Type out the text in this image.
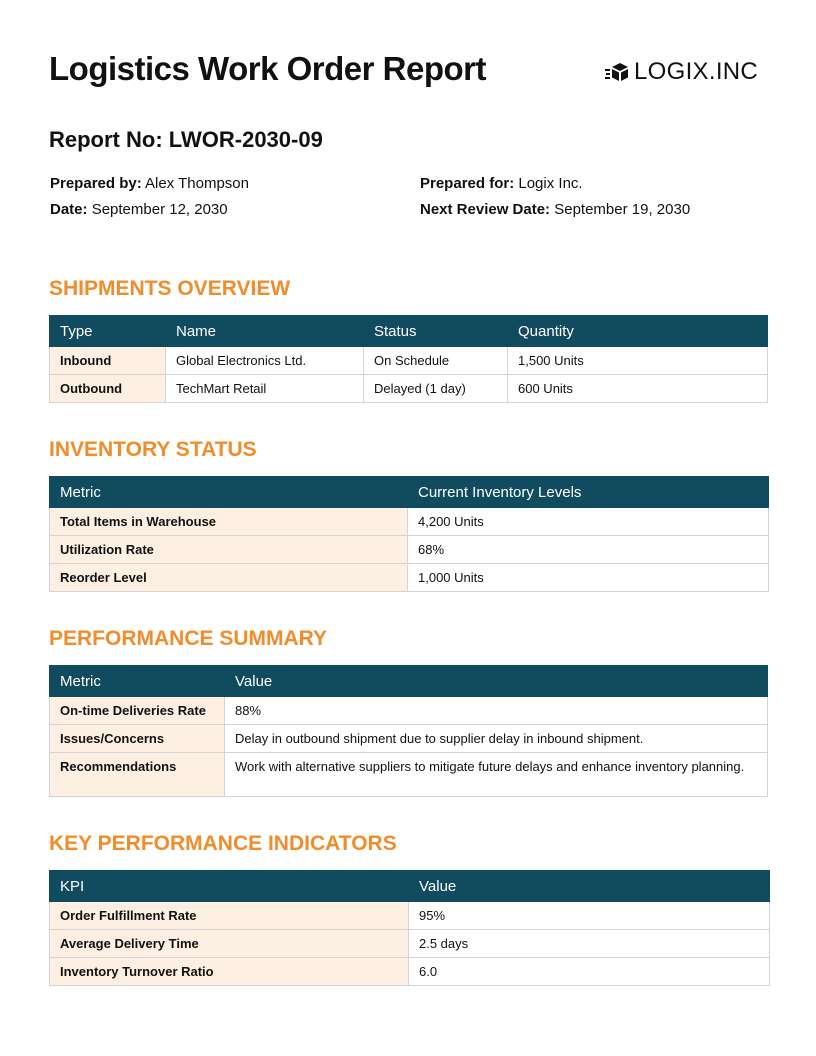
Logistics Work Order Report	LOGIX.INC
Report No: LWOR-2030-09
Prepared by: Alex Thompson
Date: September 12, 2030
Prepared for: Logix Inc.
Next Review Date: September 19, 2030
SHIPMENTS OVERVIEW
Type	Name	Status	Quantity
Inbound	Global Electronics Ltd.	On Schedule	1,500 Units
Outbound	TechMart Retail	Delayed (1 day)	600 Units
INVENTORY STATUS
Metric	Current Inventory Levels
Total Items in Warehouse	4,200 Units
Utilization Rate	68%
Reorder Level	1,000 Units
PERFORMANCE SUMMARY
Metric	Value
On-time Deliveries Rate	88%
Issues/Concerns	Delay in outbound shipment due to supplier delay in inbound shipment.
Recommendations	Work with alternative suppliers to mitigate future delays and enhance inventory planning.
KEY PERFORMANCE INDICATORS
KPI	Value
Order Fulfillment Rate	95%
Average Delivery Time	2.5 days
Inventory Turnover Ratio	6.0
